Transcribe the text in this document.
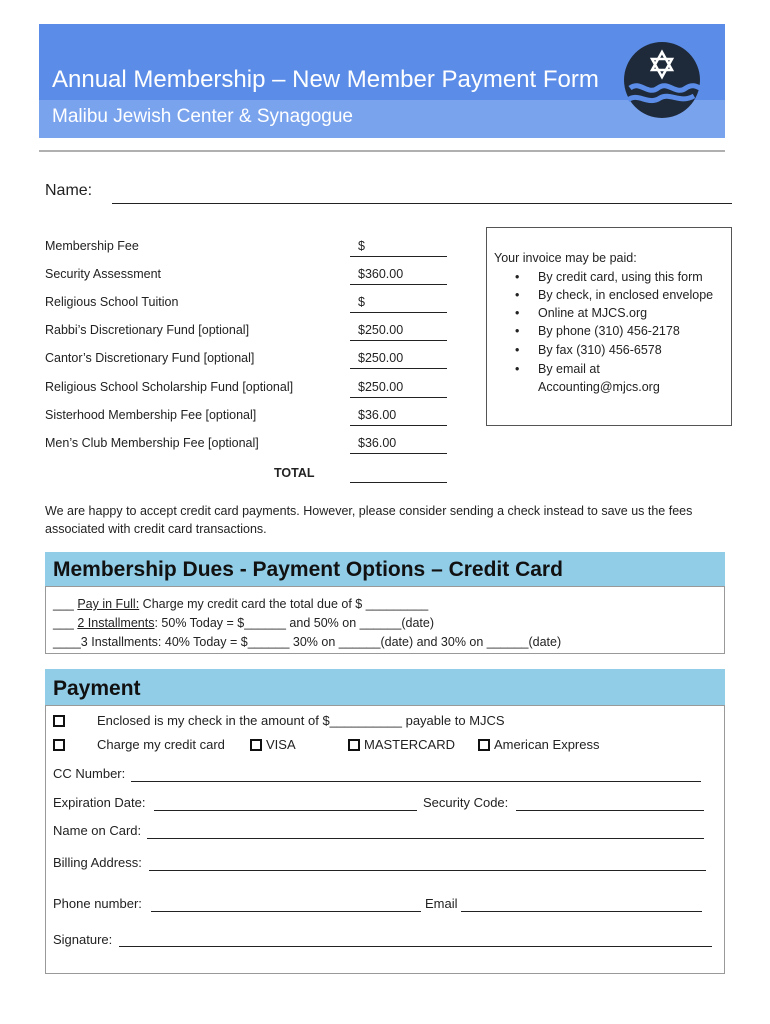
Annual Membership – New Member Payment Form
Malibu Jewish Center & Synagogue
Name:
Membership Fee	$
Security Assessment	$360.00
Religious School Tuition	$
Rabbi’s Discretionary Fund [optional]	$250.00
Cantor’s Discretionary Fund [optional]	$250.00
Religious School Scholarship Fund [optional]	$250.00
Sisterhood Membership Fee [optional]	$36.00
Men’s Club Membership Fee [optional]	$36.00
TOTAL
Your invoice may be paid:
• By credit card, using this form
• By check, in enclosed envelope
• Online at MJCS.org
• By phone (310) 456-2178
• By fax (310) 456-6578
• By email at
Accounting@mjcs.org
We are happy to accept credit card payments. However, please consider sending a check instead to save us the fees associated with credit card transactions.
Membership Dues - Payment Options – Credit Card
___ Pay in Full: Charge my credit card the total due of $ _________
___ 2 Installments: 50% Today = $______ and 50% on ______(date)
____3 Installments: 40% Today = $______ 30% on ______(date) and 30% on ______(date)
Payment
Enclosed is my check in the amount of $__________ payable to MJCS
Charge my credit card	VISA	MASTERCARD	American Express
CC Number:
Expiration Date:	Security Code:
Name on Card:
Billing Address:
Phone number:	Email
Signature:
